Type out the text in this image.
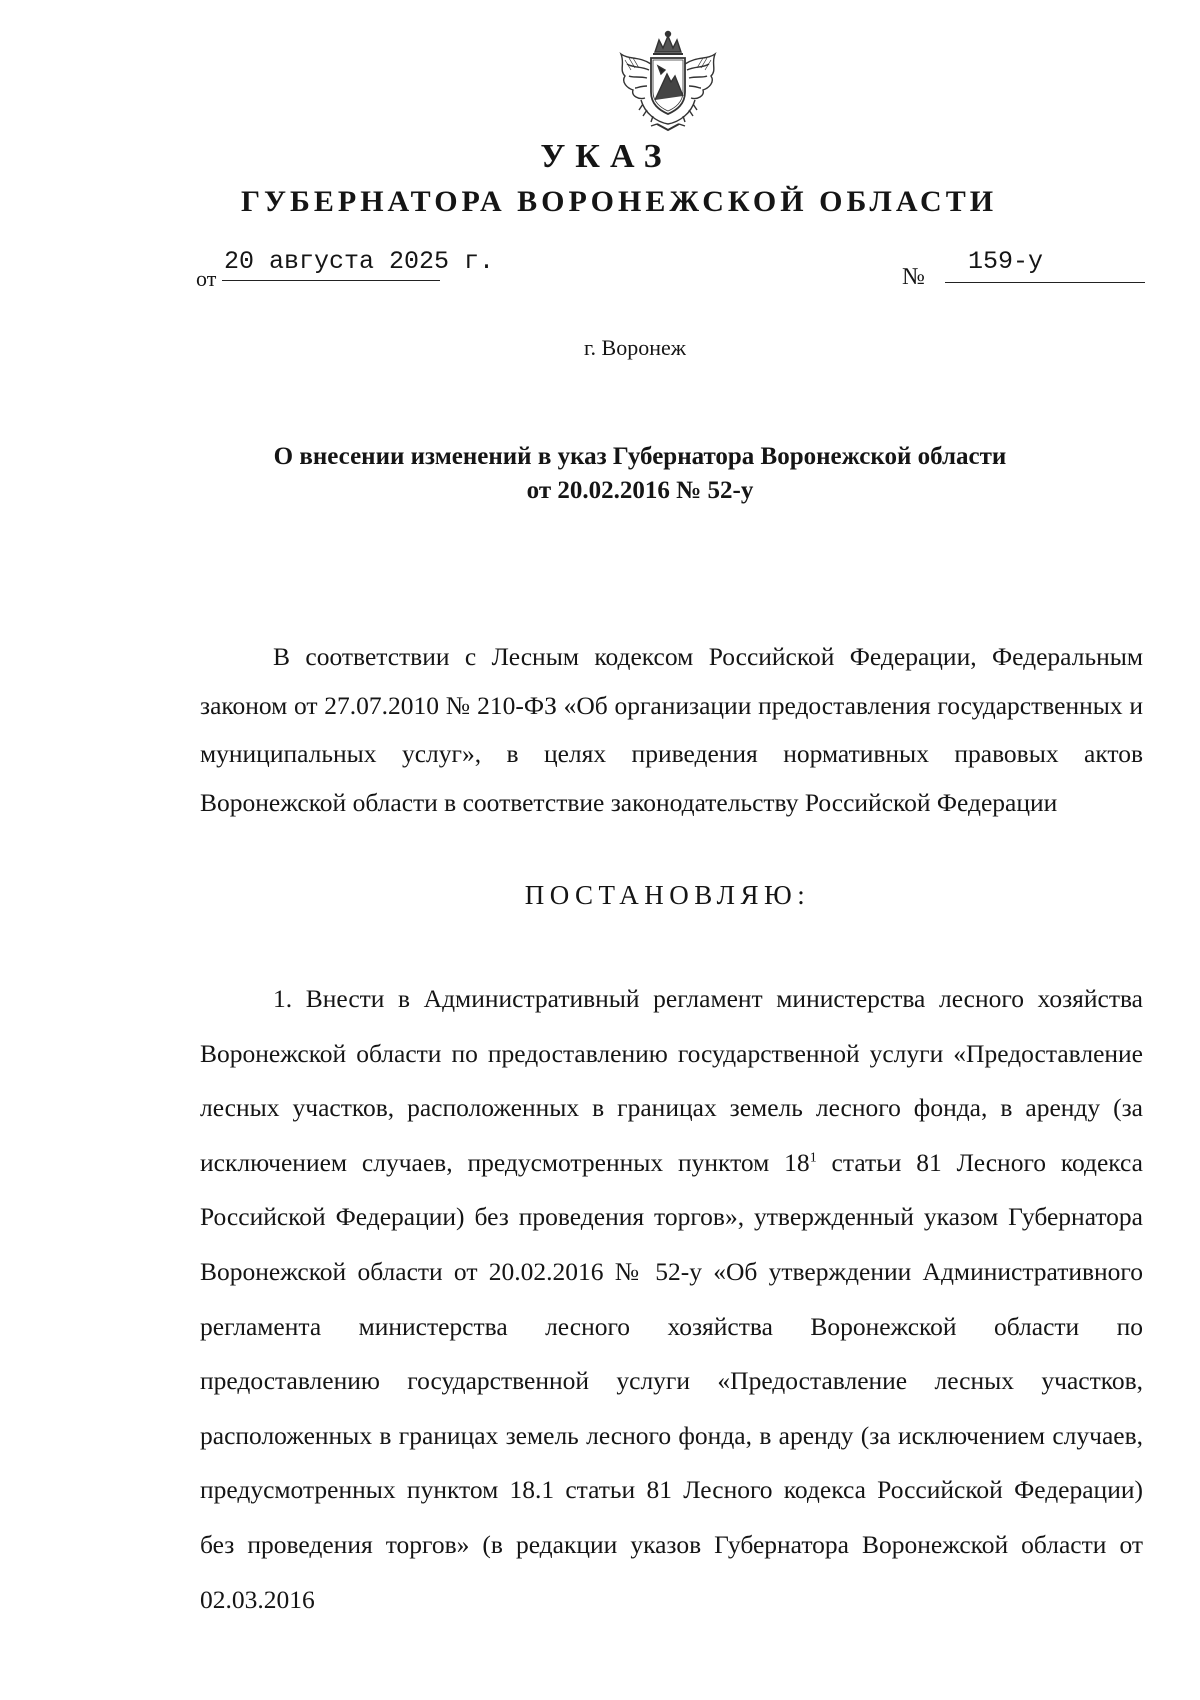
УКАЗ
ГУБЕРНАТОРА ВОРОНЕЖСКОЙ ОБЛАСТИ
от
20 августа 2025 г.
№
159-у
г. Воронеж
О внесении изменений в указ Губернатора Воронежской области
от 20.02.2016 № 52-у

В соответствии с Лесным кодексом Российской Федерации, Федеральным законом от 27.07.2010 № 210-ФЗ «Об организации предоставления государственных и муниципальных услуг», в целях приведения нормативных правовых актов Воронежской области в соответствие законодательству Российской Федерации

ПОСТАНОВЛЯЮ:

1. Внести в Административный регламент министерства лесного хозяйства Воронежской области по предоставлению государственной услуги «Предоставление лесных участков, расположенных в границах земель лесного фонда, в аренду (за исключением случаев, предусмотренных пунктом $18^1$ статьи 81 Лесного кодекса Российской Федерации) без проведения торгов», утвержденный указом Губернатора Воронежской области от 20.02.2016 № 52-у «Об утверждении Административного регламента министерства лесного хозяйства Воронежской области по предоставлению государственной услуги «Предоставление лесных участков, расположенных в границах земель лесного фонда, в аренду (за исключением случаев, предусмотренных пунктом 18.1 статьи 81 Лесного кодекса Российской Федерации) без проведения торгов» (в редакции указов Губернатора Воронежской области от 02.03.2016
